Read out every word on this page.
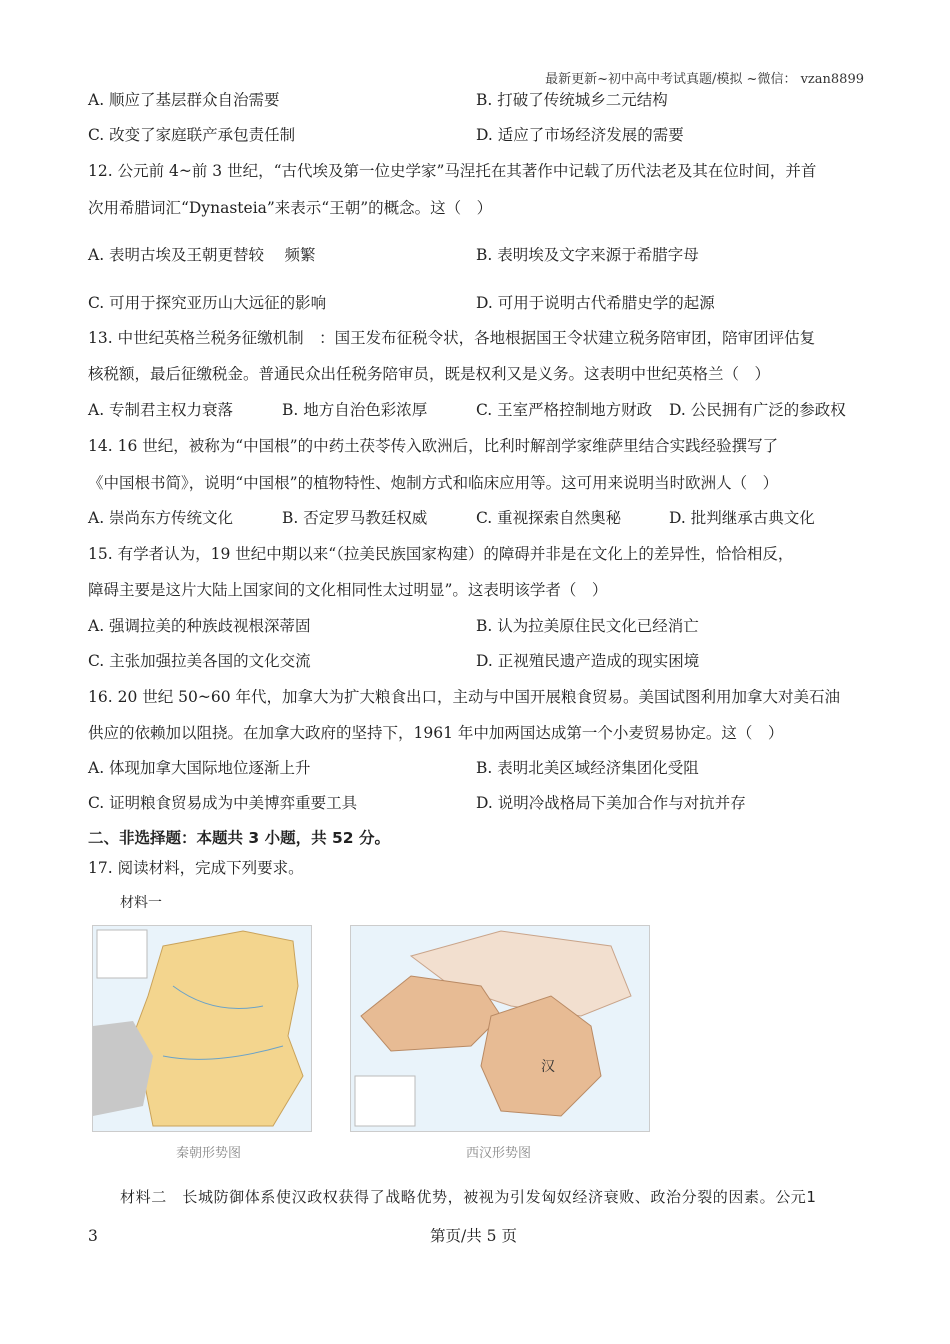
最新更新~初中高中考试真题/模拟 ~微信： vzan8899
A. 顺应了基层群众自治需要	B. 打破了传统城乡二元结构
C. 改变了家庭联产承包责任制	D. 适应了市场经济发展的需要
12. 公元前 4~前 3 世纪，“古代埃及第一位史学家”马涅托在其著作中记载了历代法老及其在位时间，并首
次用希腊词汇“Dynasteia”来表示“王朝”的概念。这（　）
A. 表明古埃及王朝更替较　 频繁	B. 表明埃及文字来源于希腊字母
C. 可用于探究亚历山大远征的影响	D. 可用于说明古代希腊史学的起源
13. 中世纪英格兰税务征缴机制　：国王发布征税令状，各地根据国王令状建立税务陪审团，陪审团评估复
核税额，最后征缴税金。普通民众出任税务陪审员，既是权利又是义务。这表明中世纪英格兰（　）
A. 专制君主权力衰落	B. 地方自治色彩浓厚	C. 王室严格控制地方财政 D. 公民拥有广泛的参政权
14. 16 世纪，被称为“中国根”的中药土茯苓传入欧洲后，比利时解剖学家维萨里结合实践经验撰写了
《中国根书简》，说明“中国根”的植物特性、炮制方式和临床应用等。这可用来说明当时欧洲人（　）
A. 崇尚东方传统文化	B. 否定罗马教廷权威	C. 重视探索自然奥秘	D. 批判继承古典文化
15. 有学者认为，19 世纪中期以来“（拉美民族国家构建）的障碍并非是在文化上的差异性，恰恰相反，
障碍主要是这片大陆上国家间的文化相同性太过明显”。这表明该学者（　）
A. 强调拉美的种族歧视根深蒂固	B. 认为拉美原住民文化已经消亡
C. 主张加强拉美各国的文化交流	D. 正视殖民遗产造成的现实困境
16. 20 世纪 50~60 年代，加拿大为扩大粮食出口，主动与中国开展粮食贸易。美国试图利用加拿大对美石油
供应的依赖加以阻挠。在加拿大政府的坚持下，1961 年中加两国达成第一个小麦贸易协定。这（　）
A. 体现加拿大国际地位逐渐上升	B. 表明北美区域经济集团化受阻
C. 证明粮食贸易成为中美博弈重要工具	D. 说明冷战格局下美加合作与对抗并存
二、非选择题：本题共 3 小题，共 52 分。
17. 阅读材料，完成下列要求。
材料一
汉
秦朝形势图	西汉形势图
材料二　长城防御体系使汉政权获得了战略优势，被视为引发匈奴经济衰败、政治分裂的因素。公元1
3	第页/共 5 页
